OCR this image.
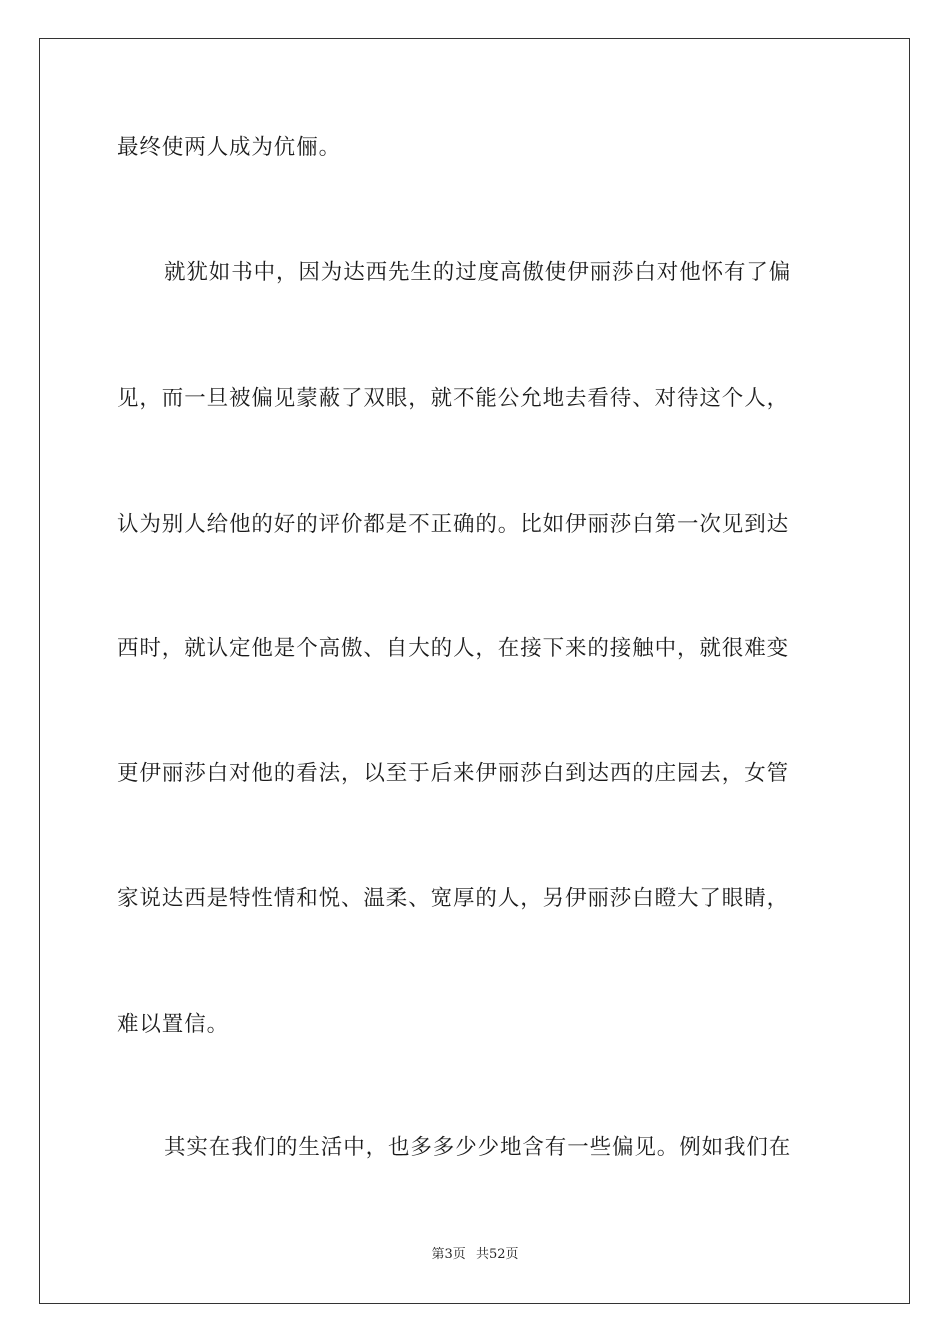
最终使两人成为伉俪。
就犹如书中，因为达西先生的过度高傲使伊丽莎白对他怀有了偏
见，而一旦被偏见蒙蔽了双眼，就不能公允地去看待、对待这个人，
认为别人给他的好的评价都是不正确的。比如伊丽莎白第一次见到达
西时，就认定他是个高傲、自大的人，在接下来的接触中，就很难变
更伊丽莎白对他的看法，以至于后来伊丽莎白到达西的庄园去，女管
家说达西是特性情和悦、温柔、宽厚的人，另伊丽莎白瞪大了眼睛，
难以置信。
其实在我们的生活中，也多多少少地含有一些偏见。例如我们在
第3页 共52页
